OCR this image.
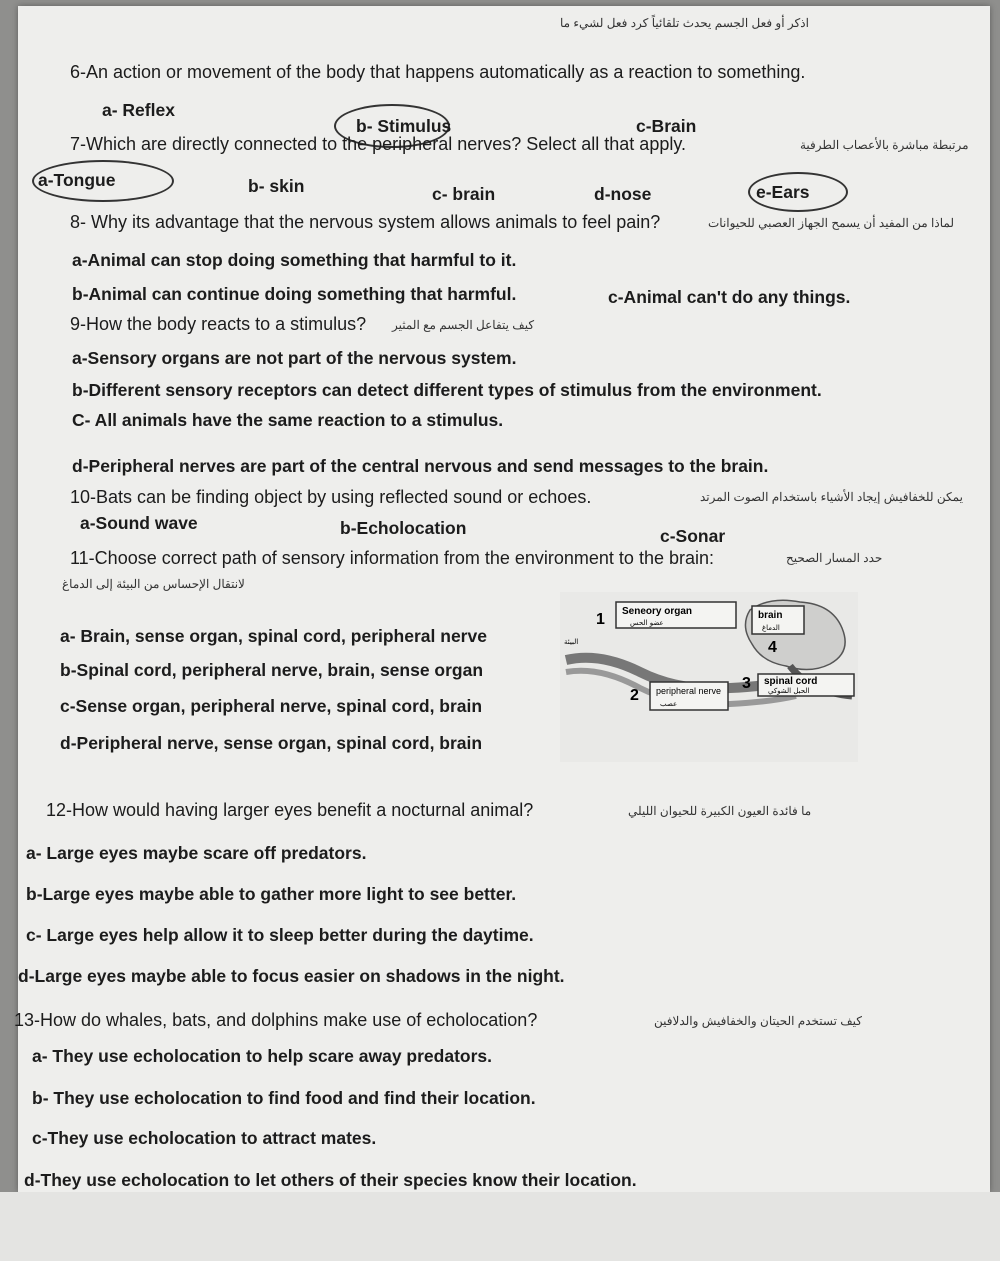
اذكر أو فعل الجسم يحدث تلقائياً كرد فعل لشيء ما
6-An action or movement of the body that happens automatically as a reaction to something.
a- Reflex
b- Stimulus	c-Brain
7-Which are directly connected to the peripheral nerves? Select all that apply.	مرتبطة مباشرة بالأعصاب الطرفية
a-Tongue	b- skin	c- brain	d-nose	e-Ears
8- Why its advantage that the nervous system allows animals to feel pain?	لماذا من المفيد أن يسمح الجهاز العصبي للحيوانات
a-Animal can stop doing something that harmful to it.
b-Animal can continue doing something that harmful.	c-Animal can't do any things.
9-How the body reacts to a stimulus? كيف يتفاعل الجسم مع المثير
a-Sensory organs are not part of the nervous system.
b-Different sensory receptors can detect different types of stimulus from the environment.
C- All animals have the same reaction to a stimulus.
d-Peripheral nerves are part of the central nervous and send messages to the brain.
10-Bats can be finding object by using reflected sound or echoes.	يمكن للخفافيش إيجاد الأشياء باستخدام الصوت المرتد
a-Sound wave	b-Echolocation	c-Sonar
11-Choose correct path of sensory information from the environment to the brain:	حدد المسار الصحيح
لانتقال الإحساس من البيئة إلى الدماغ
a- Brain, sense organ, spinal cord, peripheral nerve
b-Spinal cord, peripheral nerve, brain, sense organ
c-Sense organ, peripheral nerve, spinal cord, brain
d-Peripheral nerve, sense organ, spinal cord, brain
1
2
3
4
Seneory organ
عضو الحس
brain
الدماغ
peripheral nerve
عصب
spinal cord
الحبل الشوكي
البيئة
12-How would having larger eyes benefit a nocturnal animal?	ما فائدة العيون الكبيرة للحيوان الليلي
a- Large eyes maybe scare off predators.
b-Large eyes maybe able to gather more light to see better.
c- Large eyes help allow it to sleep better during the daytime.
d-Large eyes maybe able to focus easier on shadows in the night.
13-How do whales, bats, and dolphins make use of echolocation?	كيف تستخدم الحيتان والخفافيش والدلافين
a- They use echolocation to help scare away predators.
b- They use echolocation to find food and find their location.
c-They use echolocation to attract mates.
d-They use echolocation to let others of their species know their location.
